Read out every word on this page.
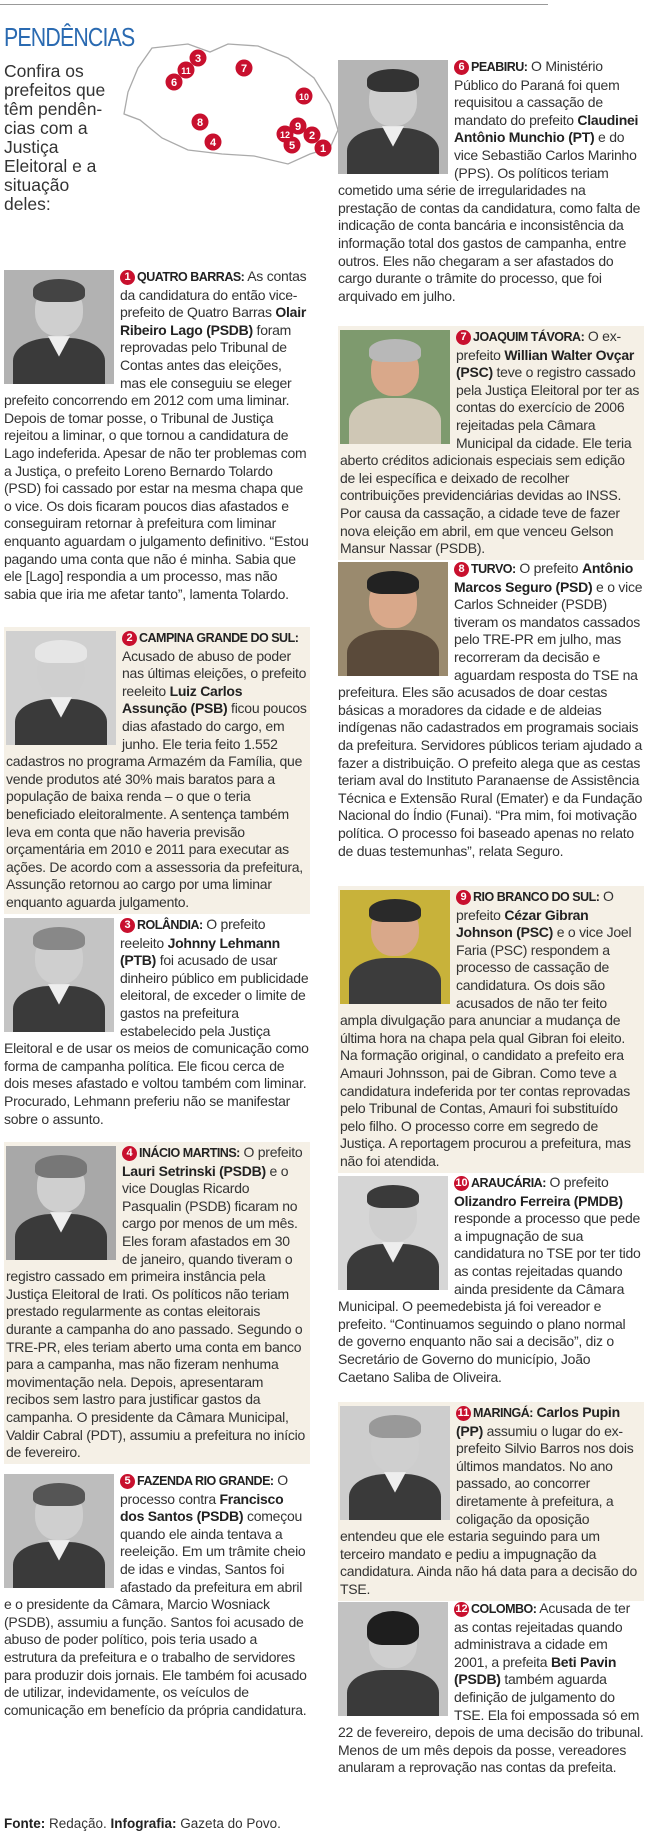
PENDÊNCIAS
Confira os prefeitos que têm pendên-cias com a Justiça Eleitoral e a situação deles:
1
2
3
4	5
6
7
8	9
10
11
12
1 QUATRO BARRAS: As contas da candidatura do então vice-prefeito de Quatro Barras Olair Ribeiro Lago (PSDB) foram reprovadas pelo Tribunal de Contas antes das eleições, mas ele conseguiu se eleger prefeito concorrendo em 2012 com uma liminar. Depois de tomar posse, o Tribunal de Justiça rejeitou a liminar, o que tornou a candidatura de Lago indeferida. Apesar de não ter problemas com a Justiça, o prefeito Loreno Bernardo Tolardo (PSD) foi cassado por estar na mesma chapa que o vice. Os dois ficaram poucos dias afastados e conseguiram retornar à prefeitura com liminar enquanto aguardam o julgamento definitivo. “Estou pagando uma conta que não é minha. Sabia que ele [Lago] respondia a um processo, mas não sabia que iria me afetar tanto”, lamenta Tolardo.
2 CAMPINA GRANDE DO SUL: Acusado de abuso de poder nas últimas eleições, o prefeito reeleito Luiz Carlos Assunção (PSB) ficou poucos dias afastado do cargo, em junho. Ele teria feito 1.552 cadastros no programa Armazém da Família, que vende produtos até 30% mais baratos para a população de baixa renda – o que o teria beneficiado eleitoralmente. A sentença também leva em conta que não haveria previsão orçamentária em 2010 e 2011 para executar as ações. De acordo com a assessoria da prefeitura, Assunção retornou ao cargo por uma liminar enquanto aguarda julgamento.
3 ROLÂNDIA: O prefeito reeleito Johnny Lehmann (PTB) foi acusado de usar dinheiro público em publicidade eleitoral, de exceder o limite de gastos na prefeitura estabelecido pela Justiça Eleitoral e de usar os meios de comunicação como forma de campanha política. Ele ficou cerca de dois meses afastado e voltou também com liminar. Procurado, Lehmann preferiu não se manifestar sobre o assunto.
4 INÁCIO MARTINS: O prefeito Lauri Setrinski (PSDB) e o vice Douglas Ricardo Pasqualin (PSDB) ficaram no cargo por menos de um mês. Eles foram afastados em 30 de janeiro, quando tiveram o registro cassado em primeira instância pela Justiça Eleitoral de Irati. Os políticos não teriam prestado regularmente as contas eleitorais durante a campanha do ano passado. Segundo o TRE-PR, eles teriam aberto uma conta em banco para a campanha, mas não fizeram nenhuma movimentação nela. Depois, apresentaram recibos sem lastro para justificar gastos da campanha. O presidente da Câmara Municipal, Valdir Cabral (PDT), assumiu a prefeitura no início de fevereiro.
5 FAZENDA RIO GRANDE: O processo contra Francisco dos Santos (PSDB) começou quando ele ainda tentava a reeleição. Em um trâmite cheio de idas e vindas, Santos foi afastado da prefeitura em abril e o presidente da Câmara, Marcio Wosniack (PSDB), assumiu a função. Santos foi acusado de abuso de poder político, pois teria usado a estrutura da prefeitura e o trabalho de servidores para produzir dois jornais. Ele também foi acusado de utilizar, indevidamente, os veículos de comunicação em benefício da própria candidatura.
6 PEABIRU: O Ministério Público do Paraná foi quem requisitou a cassação de mandato do prefeito Claudinei Antônio Munchio (PT) e do vice Sebastião Carlos Marinho (PPS). Os políticos teriam cometido uma série de irregularidades na prestação de contas da candidatura, como falta de indicação de conta bancária e inconsistência da informação total dos gastos de campanha, entre outros. Eles não chegaram a ser afastados do cargo durante o trâmite do processo, que foi arquivado em julho.
7 JOAQUIM TÁVORA: O ex-prefeito Willian Walter Ovçar (PSC) teve o registro cassado pela Justiça Eleitoral por ter as contas do exercício de 2006 rejeitadas pela Câmara Municipal da cidade. Ele teria aberto créditos adicionais especiais sem edição de lei específica e deixado de recolher contribuições previdenciárias devidas ao INSS. Por causa da cassação, a cidade teve de fazer nova eleição em abril, em que venceu Gelson Mansur Nassar (PSDB).
8 TURVO: O prefeito Antônio Marcos Seguro (PSD) e o vice Carlos Schneider (PSDB) tiveram os mandatos cassados pelo TRE-PR em julho, mas recorreram da decisão e aguardam resposta do TSE na prefeitura. Eles são acusados de doar cestas básicas a moradores da cidade e de aldeias indígenas não cadastrados em programais sociais da prefeitura. Servidores públicos teriam ajudado a fazer a distribuição. O prefeito alega que as cestas teriam aval do Instituto Paranaense de Assistência Técnica e Extensão Rural (Emater) e da Fundação Nacional do Índio (Funai). “Pra mim, foi motivação política. O processo foi baseado apenas no relato de duas testemunhas”, relata Seguro.
9 RIO BRANCO DO SUL: O prefeito Cézar Gibran Johnson (PSC) e o vice Joel Faria (PSC) respondem a processo de cassação de candidatura. Os dois são acusados de não ter feito ampla divulgação para anunciar a mudança de última hora na chapa pela qual Gibran foi eleito. Na formação original, o candidato a prefeito era Amauri Johnsson, pai de Gibran. Como teve a candidatura indeferida por ter contas reprovadas pelo Tribunal de Contas, Amauri foi substituído pelo filho. O processo corre em segredo de Justiça. A reportagem procurou a prefeitura, mas não foi atendida.
10 ARAUCÁRIA: O prefeito Olizandro Ferreira (PMDB) responde a processo que pede a impugnação de sua candidatura no TSE por ter tido as contas rejeitadas quando ainda presidente da Câmara Municipal. O peemedebista já foi vereador e prefeito. “Continuamos seguindo o plano normal de governo enquanto não sai a decisão”, diz o Secretário de Governo do município, João Caetano Saliba de Oliveira.
11 MARINGÁ: Carlos Pupin (PP) assumiu o lugar do ex-prefeito Silvio Barros nos dois últimos mandatos. No ano passado, ao concorrer diretamente à prefeitura, a coligação da oposição entendeu que ele estaria seguindo para um terceiro mandato e pediu a impugnação da candidatura. Ainda não há data para a decisão do TSE.
12 COLOMBO: Acusada de ter as contas rejeitadas quando administrava a cidade em 2001, a prefeita Beti Pavin (PSDB) também aguarda definição de julgamento do TSE. Ela foi empossada só em 22 de fevereiro, depois de uma decisão do tribunal. Menos de um mês depois da posse, vereadores anularam a reprovação nas contas da prefeita.
Fonte: Redação. Infografia: Gazeta do Povo.
